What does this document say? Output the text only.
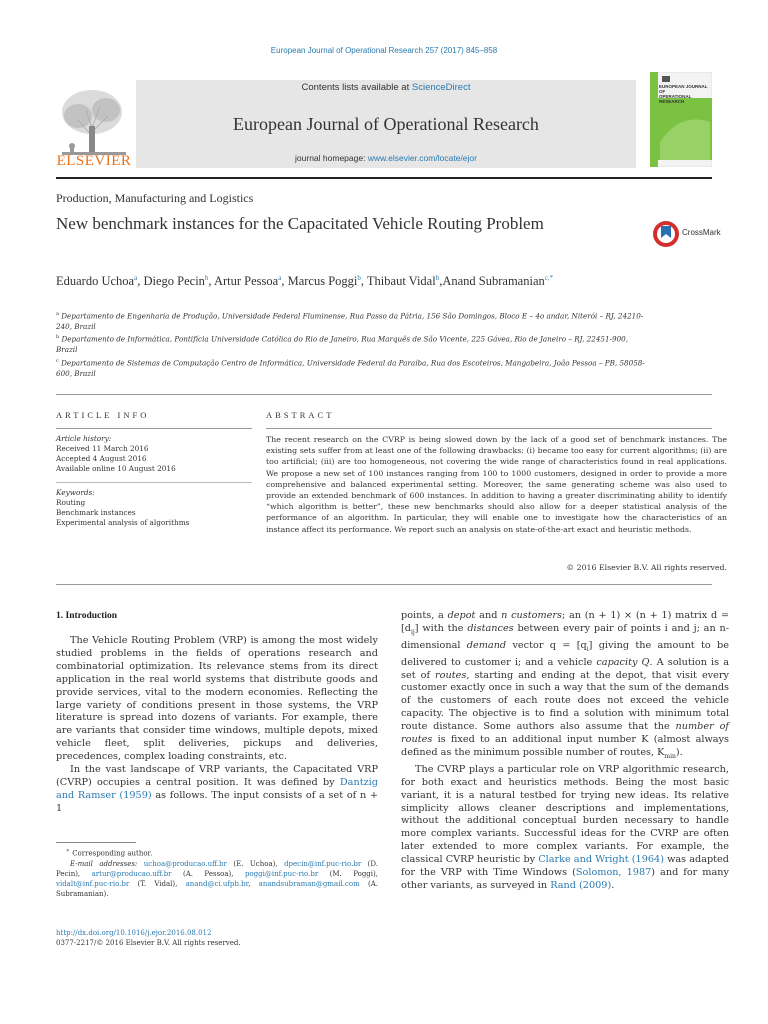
European Journal of Operational Research 257 (2017) 845–858
ELSEVIER
Contents lists available at ScienceDirect
European Journal of Operational Research
journal homepage: www.elsevier.com/locate/ejor
EUROPEAN JOURNAL OF
OPERATIONAL RESEARCH
Production, Manufacturing and Logistics
New benchmark instances for the Capacitated Vehicle Routing Problem	CrossMark
Eduardo Uchoa$^a$, Diego Pecin$^b$, Artur Pessoa$^a$, Marcus Poggi$^b$, Thibaut Vidal$^b$,Anand Subramanian$^{c,*}$
$^a$ Departamento de Engenharia de Produção, Universidade Federal Fluminense, Rua Passo da Pátria, 156 São Domingos, Bloco E – 4o andar, Niterói – RJ, 24210-240, Brazil
$^b$ Departamento de Informática, Pontifícia Universidade Católica do Rio de Janeiro, Rua Marquês de São Vicente, 225 Gávea, Rio de Janeiro – RJ, 22451-900, Brazil
$^c$ Departamento de Sistemas de Computação Centro de Informática, Universidade Federal da Paraíba, Rua dos Escoteiros, Mangabeira, João Pessoa – PB, 58058-600, Brazil
ARTICLE INFO
Article history:
Received 11 March 2016
Accepted 4 August 2016
Available online 10 August 2016
Keywords:
Routing
Benchmark instances
Experimental analysis of algorithms
ABSTRACT
The recent research on the CVRP is being slowed down by the lack of a good set of benchmark instances. The existing sets suffer from at least one of the following drawbacks: (i) became too easy for current algorithms; (ii) are too artificial; (iii) are too homogeneous, not covering the wide range of characteristics found in real applications. We propose a new set of 100 instances ranging from 100 to 1000 customers, designed in order to provide a more comprehensive and balanced experimental setting. Moreover, the same generating scheme was also used to provide an extended benchmark of 600 instances. In addition to having a greater discriminating ability to identify “which algorithm is better”, these new benchmarks should also allow for a deeper statistical analysis of the performance of an algorithm. In particular, they will enable one to investigate how the characteristics of an instance affect its performance. We report such an analysis on state-of-the-art exact and heuristic methods.
© 2016 Elsevier B.V. All rights reserved.
1. Introduction

The Vehicle Routing Problem (VRP) is among the most widely studied problems in the fields of operations research and combinatorial optimization. Its relevance stems from its direct application in the real world systems that distribute goods and provide services, vital to the modern economies. Reflecting the large variety of conditions present in those systems, the VRP literature is spread into dozens of variants. For example, there are variants that consider time windows, multiple depots, mixed vehicle fleet, split deliveries, pickups and deliveries, precedences, complex loading constraints, etc.

In the vast landscape of VRP variants, the Capacitated VRP (CVRP) occupies a central position. It was defined by Dantzig and Ramser (1959) as follows. The input consists of a set of n + 1

points, a depot and n customers; an (n + 1) × (n + 1) matrix $d = [d_{ij}]$ with the distances between every pair of points i and j; an n-dimensional demand vector $q = [q_i]$ giving the amount to be delivered to customer i; and a vehicle capacity Q. A solution is a set of routes, starting and ending at the depot, that visit every customer exactly once in such a way that the sum of the demands of the customers of each route does not exceed the vehicle capacity. The objective is to find a solution with minimum total route distance. Some authors also assume that the number of routes is fixed to an additional input number K (almost always defined as the minimum possible number of routes, $K_{min}$).

The CVRP plays a particular role on VRP algorithmic research, for both exact and heuristics methods. Being the most basic variant, it is a natural testbed for trying new ideas. Its relative simplicity allows cleaner descriptions and implementations, without the additional conceptual burden necessary to handle more complex variants. Successful ideas for the CVRP are often later extended to more complex variants. For example, the classical CVRP heuristic by Clarke and Wright (1964) was adapted for the VRP with Time Windows (Solomon, 1987) and for many other variants, as surveyed in Rand (2009).

∗ Corresponding author.
E-mail addresses: uchoa@producao.uff.br (E. Uchoa), dpecin@inf.puc-rio.br (D. Pecin), artur@producao.uff.br (A. Pessoa), poggi@inf.puc-rio.br (M. Poggi), vidalt@inf.puc-rio.br (T. Vidal), anand@ci.ufpb.br, anandsubraman@gmail.com (A. Subramanian).
http://dx.doi.org/10.1016/j.ejor.2016.08.012
0377-2217/© 2016 Elsevier B.V. All rights reserved.
